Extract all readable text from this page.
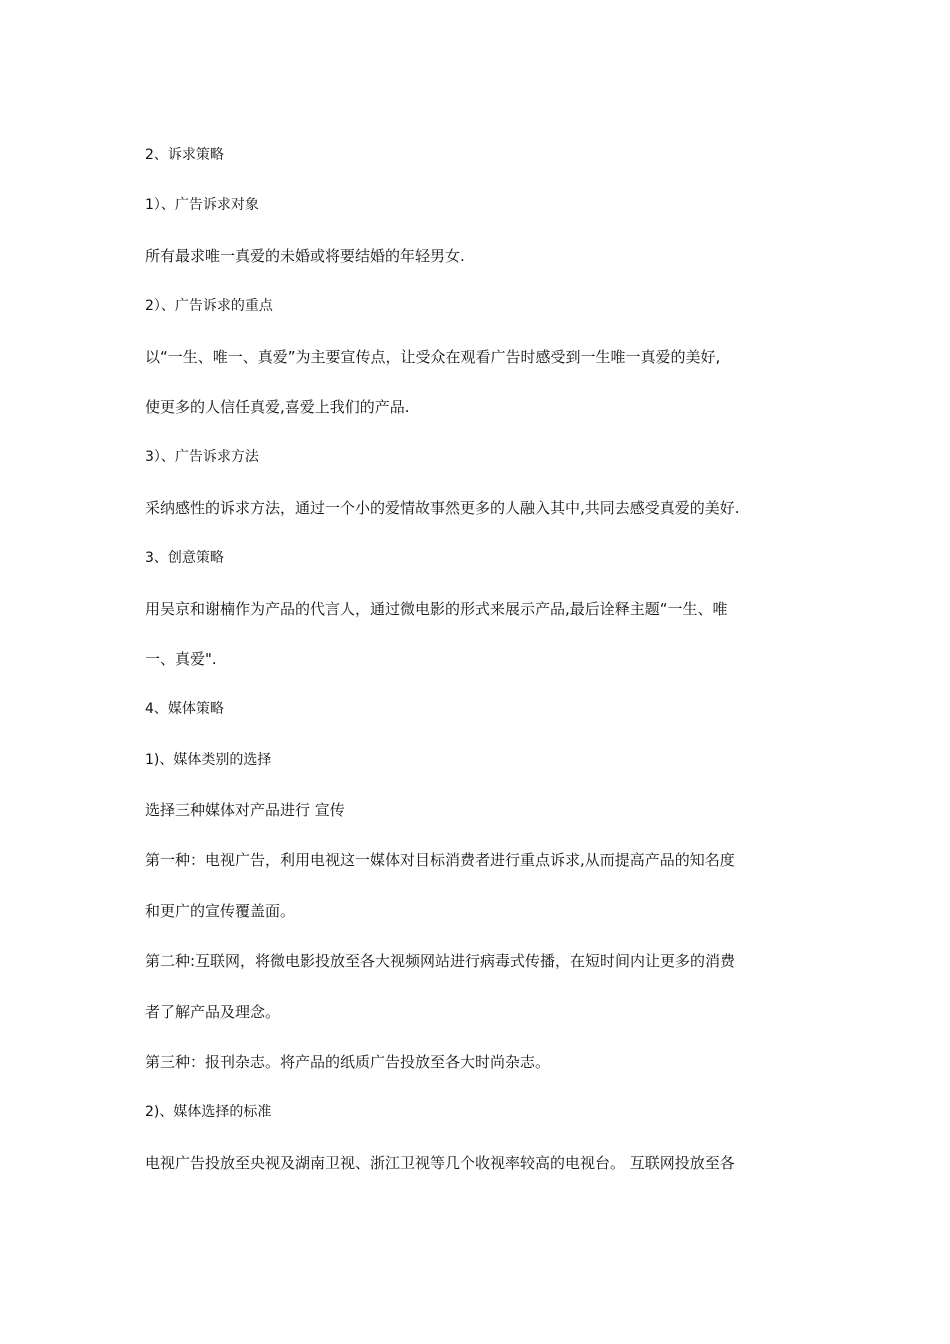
2、诉求策略

1）、广告诉求对象

所有最求唯一真爱的未婚或将要结婚的年轻男女.

2）、广告诉求的重点

以“一生、唯一、真爱”为主要宣传点，让受众在观看广告时感受到一生唯一真爱的美好,

使更多的人信任真爱,喜爱上我们的产品.

3）、广告诉求方法

采纳感性的诉求方法，通过一个小的爱情故事然更多的人融入其中,共同去感受真爱的美好.

3、创意策略

用吴京和谢楠作为产品的代言人，通过微电影的形式来展示产品,最后诠释主题“一生、唯

一、真爱".

4、媒体策略

1)、媒体类别的选择

选择三种媒体对产品进行 宣传

第一种：电视广告，利用电视这一媒体对目标消费者进行重点诉求,从而提高产品的知名度

和更广的宣传覆盖面。

第二种:互联网，将微电影投放至各大视频网站进行病毒式传播，在短时间内让更多的消费

者了解产品及理念。

第三种：报刊杂志。将产品的纸质广告投放至各大时尚杂志。

2)、媒体选择的标准

电视广告投放至央视及湖南卫视、浙江卫视等几个收视率较高的电视台。 互联网投放至各
